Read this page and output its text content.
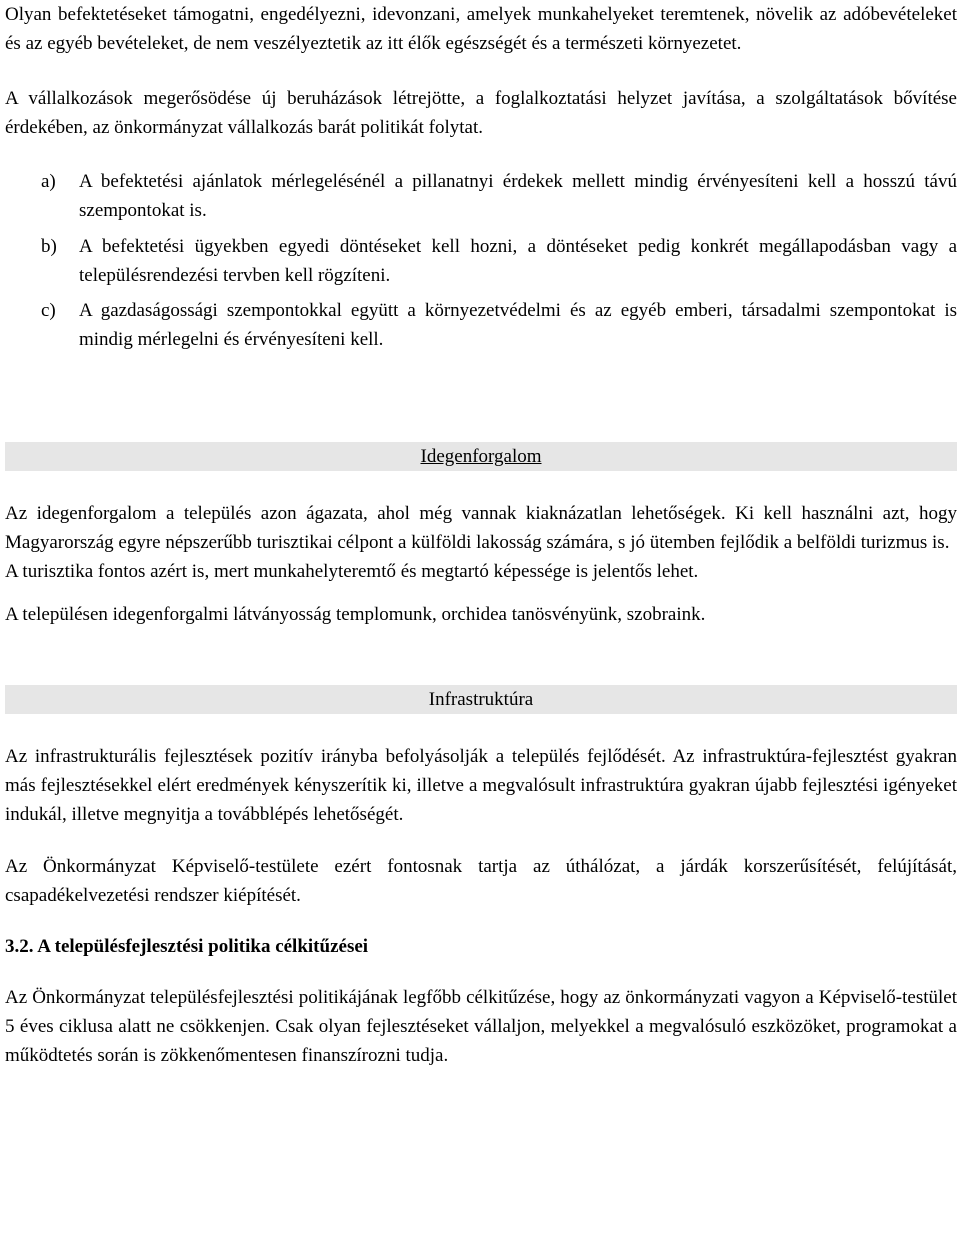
Olyan befektetéseket támogatni, engedélyezni, idevonzani, amelyek munkahelyeket teremtenek, növelik az adóbevételeket és az egyéb bevételeket, de nem veszélyeztetik az itt élők egészségét és a természeti környezetet.

A vállalkozások megerősödése új beruházások létrejötte, a foglalkoztatási helyzet javítása, a szolgáltatások bővítése érdekében, az önkormányzat vállalkozás barát politikát folytat.

a) A befektetési ajánlatok mérlegelésénél a pillanatnyi érdekek mellett mindig érvényesíteni kell a hosszú távú szempontokat is.
b) A befektetési ügyekben egyedi döntéseket kell hozni, a döntéseket pedig konkrét megállapodásban vagy a településrendezési tervben kell rögzíteni.
c) A gazdaságossági szempontokkal együtt a környezetvédelmi és az egyéb emberi, társadalmi szempontokat is mindig mérlegelni és érvényesíteni kell.
Idegenforgalom

Az idegenforgalom a település azon ágazata, ahol még vannak kiaknázatlan lehetőségek. Ki kell használni azt, hogy Magyarország egyre népszerűbb turisztikai célpont a külföldi lakosság számára, s jó ütemben fejlődik a belföldi turizmus is.

A turisztika fontos azért is, mert munkahelyteremtő és megtartó képessége is jelentős lehet.

A településen idegenforgalmi látványosság templomunk, orchidea tanösvényünk, szobraink.

Infrastruktúra

Az infrastrukturális fejlesztések pozitív irányba befolyásolják a település fejlődését. Az infrastruktúra-fejlesztést gyakran más fejlesztésekkel elért eredmények kényszerítik ki, illetve a megvalósult infrastruktúra gyakran újabb fejlesztési igényeket indukál, illetve megnyitja a továbblépés lehetőségét.

Az Önkormányzat Képviselő-testülete ezért fontosnak tartja az úthálózat, a járdák korszerűsítését, felújítását, csapadékelvezetési rendszer kiépítését.

3.2. A településfejlesztési politika célkitűzései

Az Önkormányzat településfejlesztési politikájának legfőbb célkitűzése, hogy az önkormányzati vagyon a Képviselő-testület 5 éves ciklusa alatt ne csökkenjen. Csak olyan fejlesztéseket vállaljon, melyekkel a megvalósuló eszközöket, programokat a működtetés során is zökkenőmentesen finanszírozni tudja.
